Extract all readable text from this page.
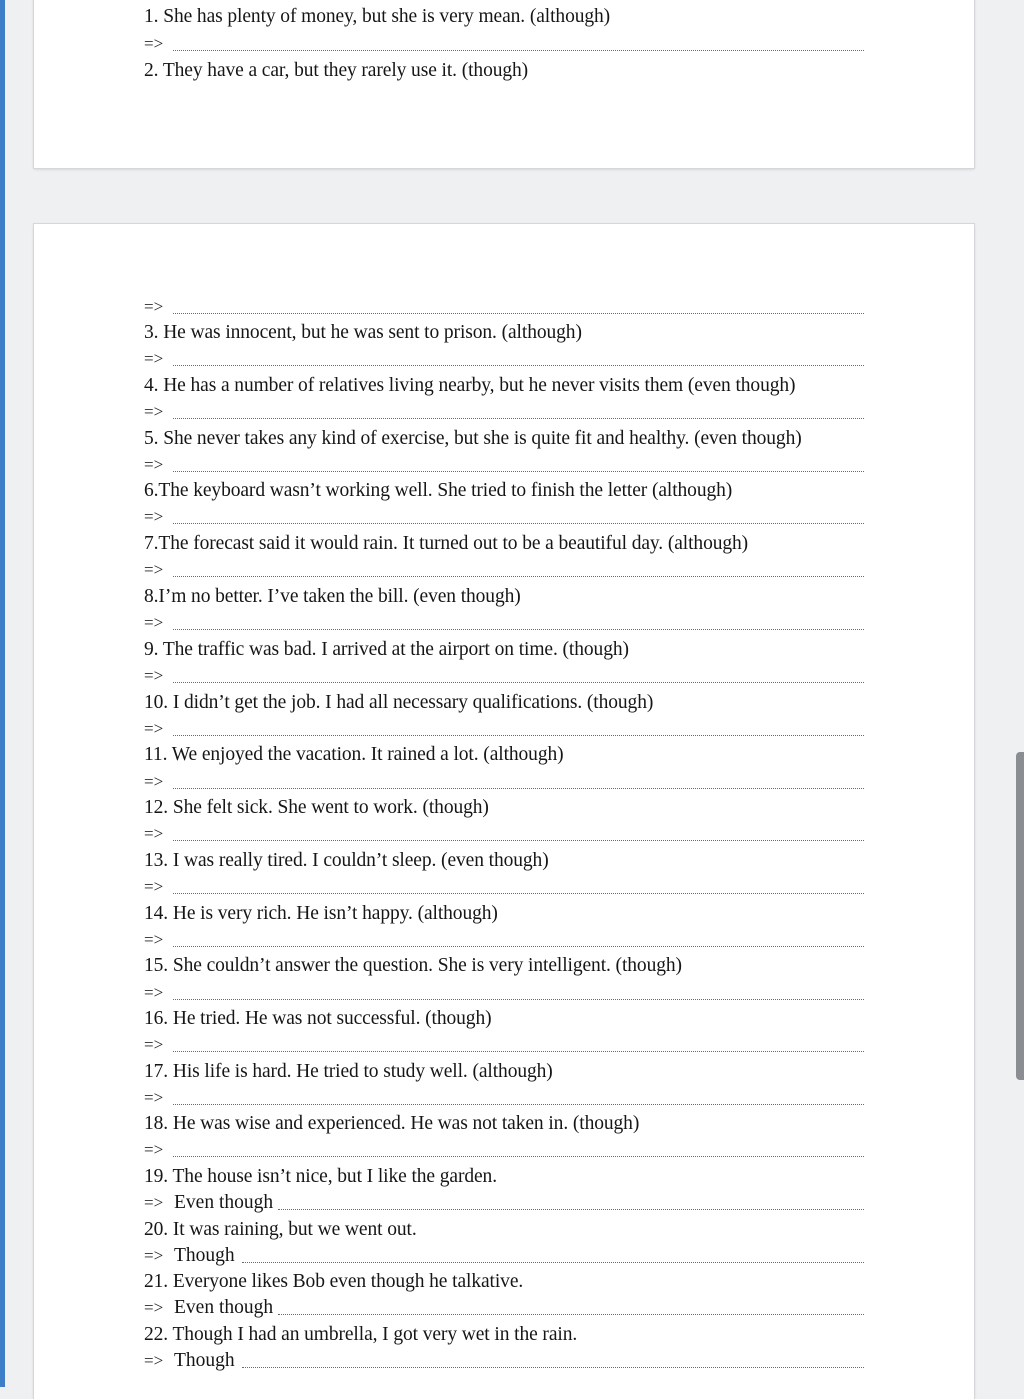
1. She has plenty of money, but she is very mean. (although)
=>
2. They have a car, but they rarely use it. (though)
=>
3. He was innocent, but he was sent to prison. (although)
=>
4. He has a number of relatives living nearby, but he never visits them (even though)
=>
5. She never takes any kind of exercise, but she is quite fit and healthy. (even though)
=>
6.The keyboard wasn’t working well. She tried to finish the letter (although)
=>
7.The forecast said it would rain. It turned out to be a beautiful day. (although)
=>
8.I’m no better. I’ve taken the bill. (even though)
=>
9. The traffic was bad. I arrived at the airport on time. (though)
=>
10. I didn’t get the job. I had all necessary qualifications. (though)
=>
11. We enjoyed the vacation. It rained a lot. (although)
=>
12. She felt sick. She went to work. (though)
=>
13. I was really tired. I couldn’t sleep. (even though)
=>
14. He is very rich. He isn’t happy. (although)
=>
15. She couldn’t answer the question. She is very intelligent. (though)
=>
16. He tried. He was not successful. (though)
=>
17. His life is hard. He tried to study well. (although)
=>
18. He was wise and experienced. He was not taken in. (though)
=>
19. The house isn’t nice, but I like the garden.
=> Even though
20. It was raining, but we went out.
=> Though
21. Everyone likes Bob even though he talkative.
=> Even though
22. Though I had an umbrella, I got very wet in the rain.
=> Though
